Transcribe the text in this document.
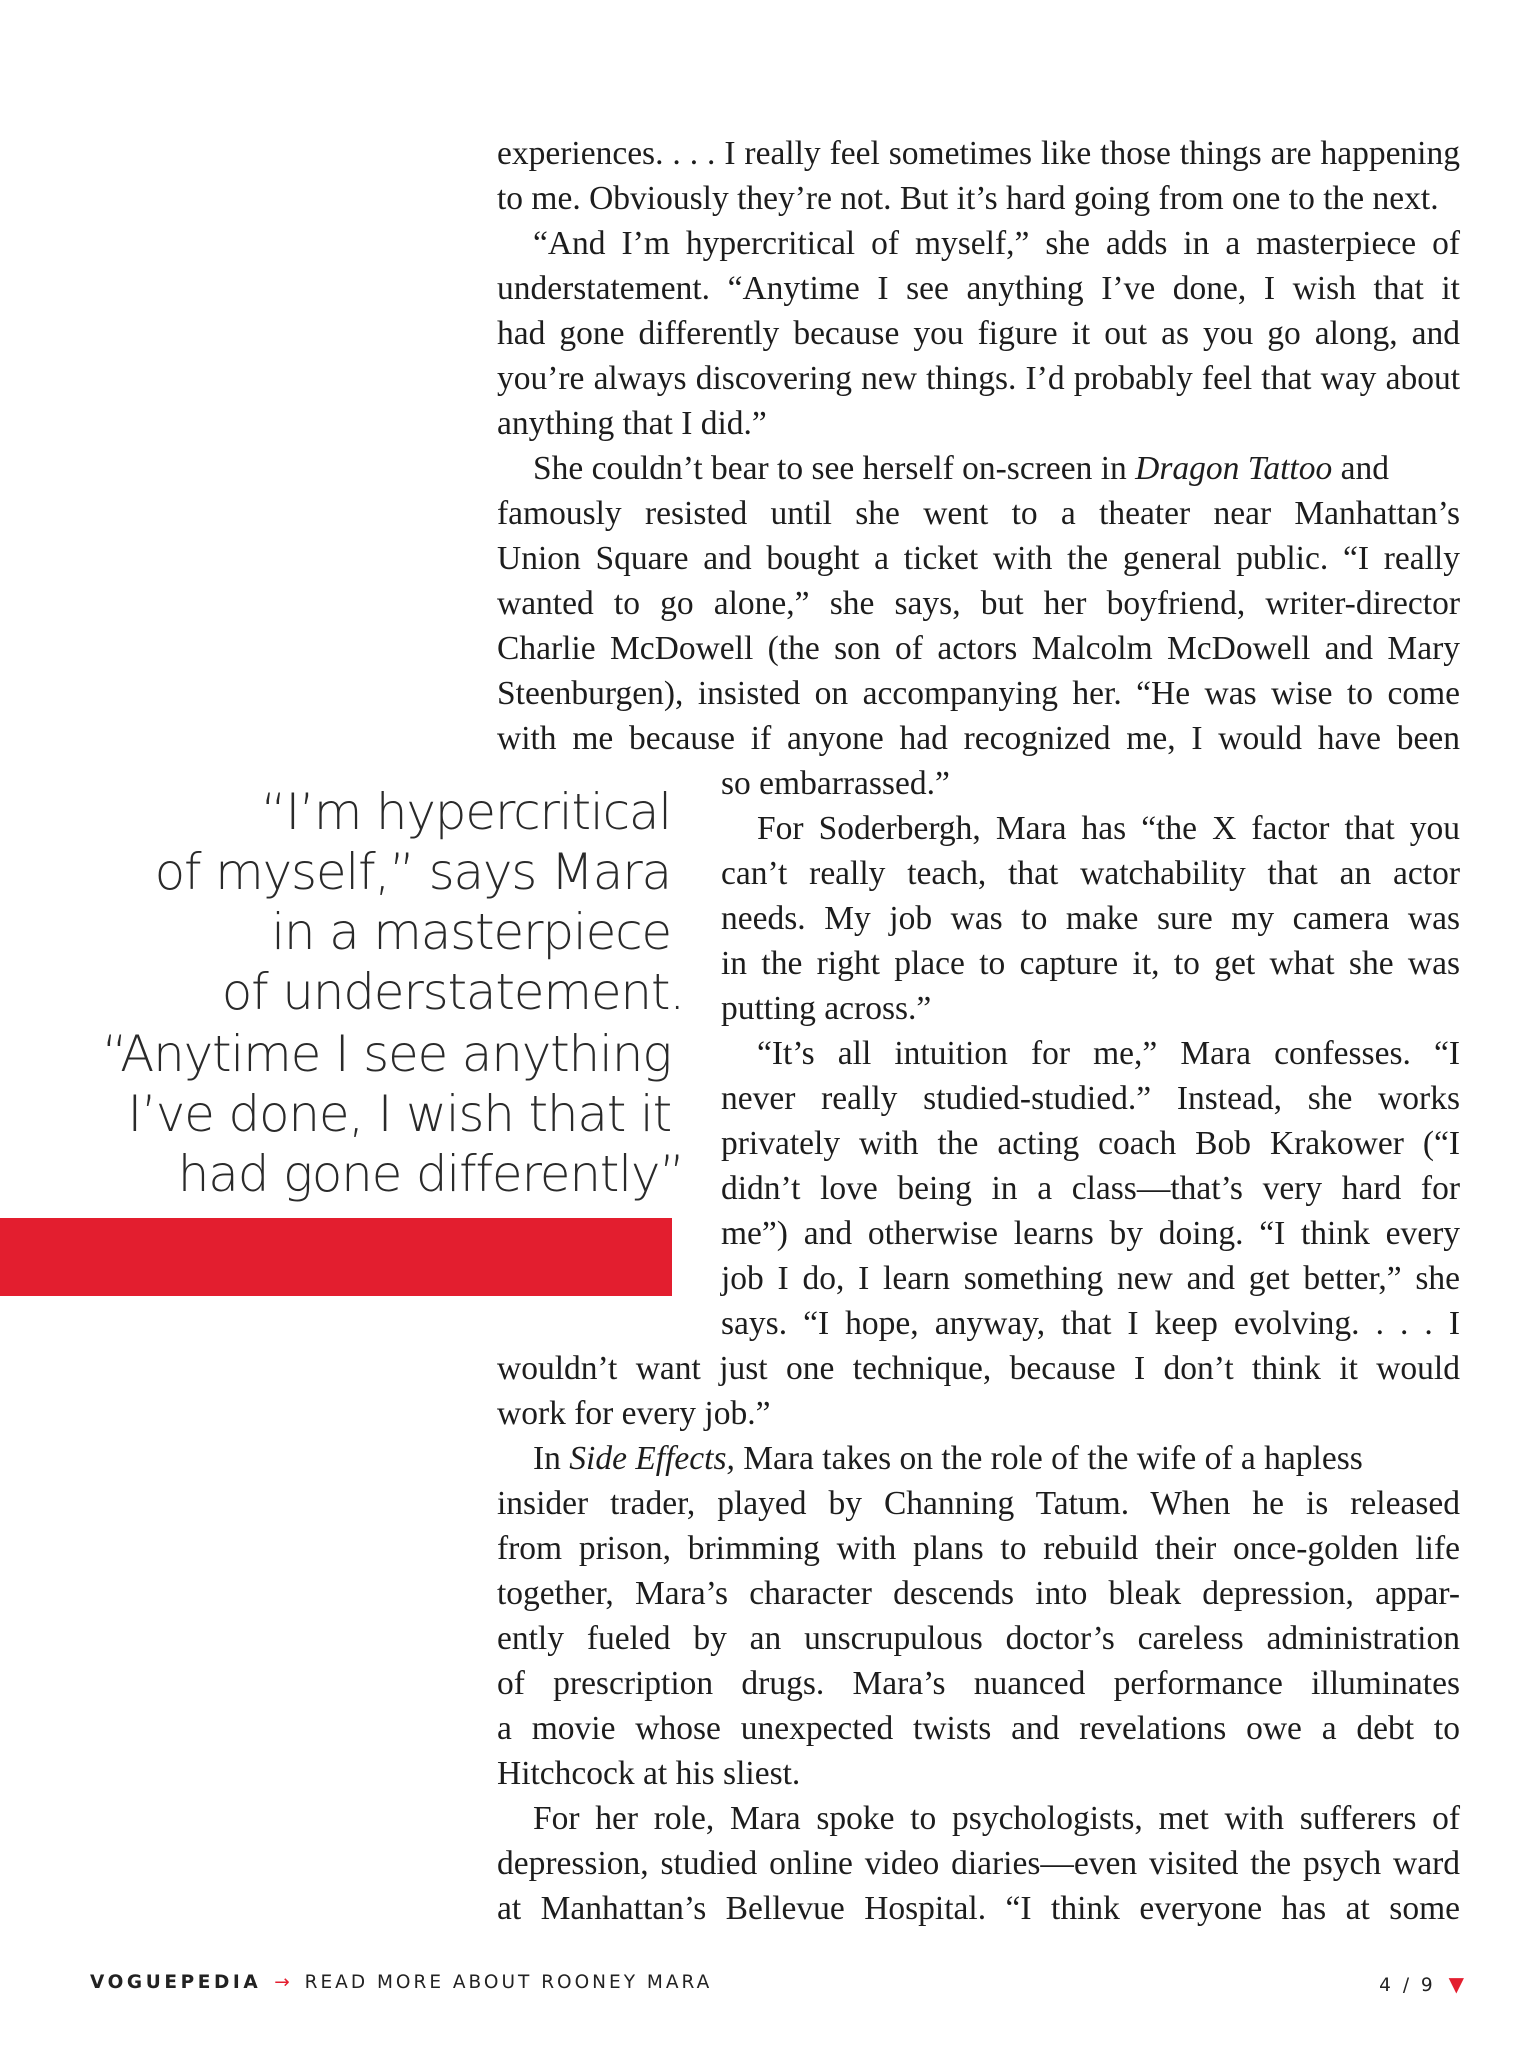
experiences. . . . I really feel sometimes like those things are happening
to me. Obviously they’re not. But it’s hard going from one to the next.
“And I’m hypercritical of myself,” she adds in a masterpiece of
understatement. “Anytime I see anything I’ve done, I wish that it
had gone differently because you figure it out as you go along, and
you’re always discovering new things. I’d probably feel that way about
anything that I did.”
She couldn’t bear to see herself on-screen in Dragon Tattoo and
famously resisted until she went to a theater near Manhattan’s
Union Square and bought a ticket with the general public. “I really
wanted to go alone,” she says, but her boyfriend, writer-director
Charlie McDowell (the son of actors Malcolm McDowell and Mary
Steenburgen), insisted on accompanying her. “He was wise to come
with me because if anyone had recognized me, I would have been
so embarrassed.”
For Soderbergh, Mara has “the X factor that you
can’t really teach, that watchability that an actor
needs. My job was to make sure my camera was
in the right place to capture it, to get what she was
putting across.”
“It’s all intuition for me,” Mara confesses. “I
never really studied-studied.” Instead, she works
privately with the acting coach Bob Krakower (“I
didn’t love being in a class—that’s very hard for
me”) and otherwise learns by doing. “I think every
job I do, I learn something new and get better,” she
says. “I hope, anyway, that I keep evolving. . . . I
wouldn’t want just one technique, because I don’t think it would
work for every job.”
In Side Effects, Mara takes on the role of the wife of a hapless
insider trader, played by Channing Tatum. When he is released
from prison, brimming with plans to rebuild their once-golden life
together, Mara’s character descends into bleak depression, appar-
ently fueled by an unscrupulous doctor’s careless administration
of prescription drugs. Mara’s nuanced performance illuminates
a movie whose unexpected twists and revelations owe a debt to
Hitchcock at his sliest.
For her role, Mara spoke to psychologists, met with sufferers of
depression, studied online video diaries—even visited the psych ward
at Manhattan’s Bellevue Hospital. “I think everyone has at some
“I’m hypercritical
of myself,” says Mara
in a masterpiece
of understatement.
“Anytime I see anything
I’ve done, I wish that it
had gone differently”
VOGUEPEDIA → READ MORE ABOUT ROONEY MARA	4 / 9 ▼
